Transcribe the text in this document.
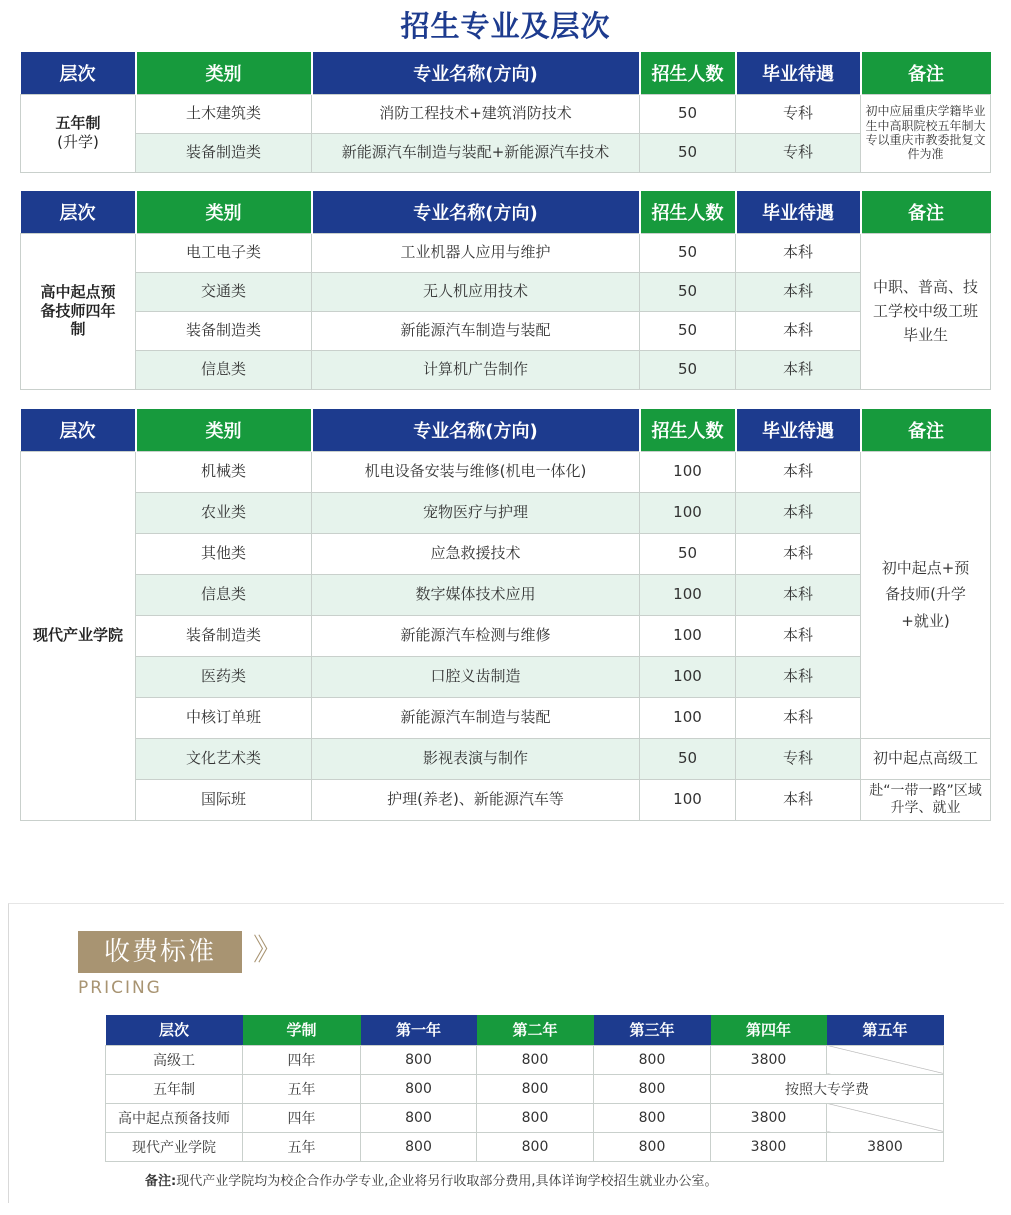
招生专业及层次
层次	类别	专业名称(方向)	招生人数	毕业待遇	备注
五年制
(升学)	土木建筑类	消防工程技术+建筑消防技术	50	专科	初中应届重庆学籍毕业生中高职院校五年制大专以重庆市教委批复文件为准
	装备制造类	新能源汽车制造与装配+新能源汽车技术	50	专科	
层次	类别	专业名称(方向)	招生人数	毕业待遇	备注
高中起点预备技师四年制	电工电子类	工业机器人应用与维护	50	本科	中职、普高、技工学校中级工班毕业生
	交通类	无人机应用技术	50	本科	
	装备制造类	新能源汽车制造与装配	50	本科	
	信息类	计算机广告制作	50	本科	
层次	类别	专业名称(方向)	招生人数	毕业待遇	备注
现代产业学院	机械类	机电设备安装与维修(机电一体化)	100	本科	初中起点+预备技师(升学+就业)
	农业类	宠物医疗与护理	100	本科	
	其他类	应急救援技术	50	本科	
	信息类	数字媒体技术应用	100	本科	
	装备制造类	新能源汽车检测与维修	100	本科	
	医药类	口腔义齿制造	100	本科	
	中核订单班	新能源汽车制造与装配	100	本科	
	文化艺术类	影视表演与制作	50	专科	初中起点高级工
	国际班	护理(养老)、新能源汽车等	100	本科	赴“一带一路”区域升学、就业
收费标准	》
PRICING
层次	学制	第一年	第二年	第三年	第四年	第五年
高级工	四年	800	800	800	3800	
五年制	五年	800	800	800	按照大专学费	
高中起点预备技师	四年	800	800	800	3800	
现代产业学院	五年	800	800	800	3800	3800
备注:现代产业学院均为校企合作办学专业,企业将另行收取部分费用,具体详询学校招生就业办公室。
